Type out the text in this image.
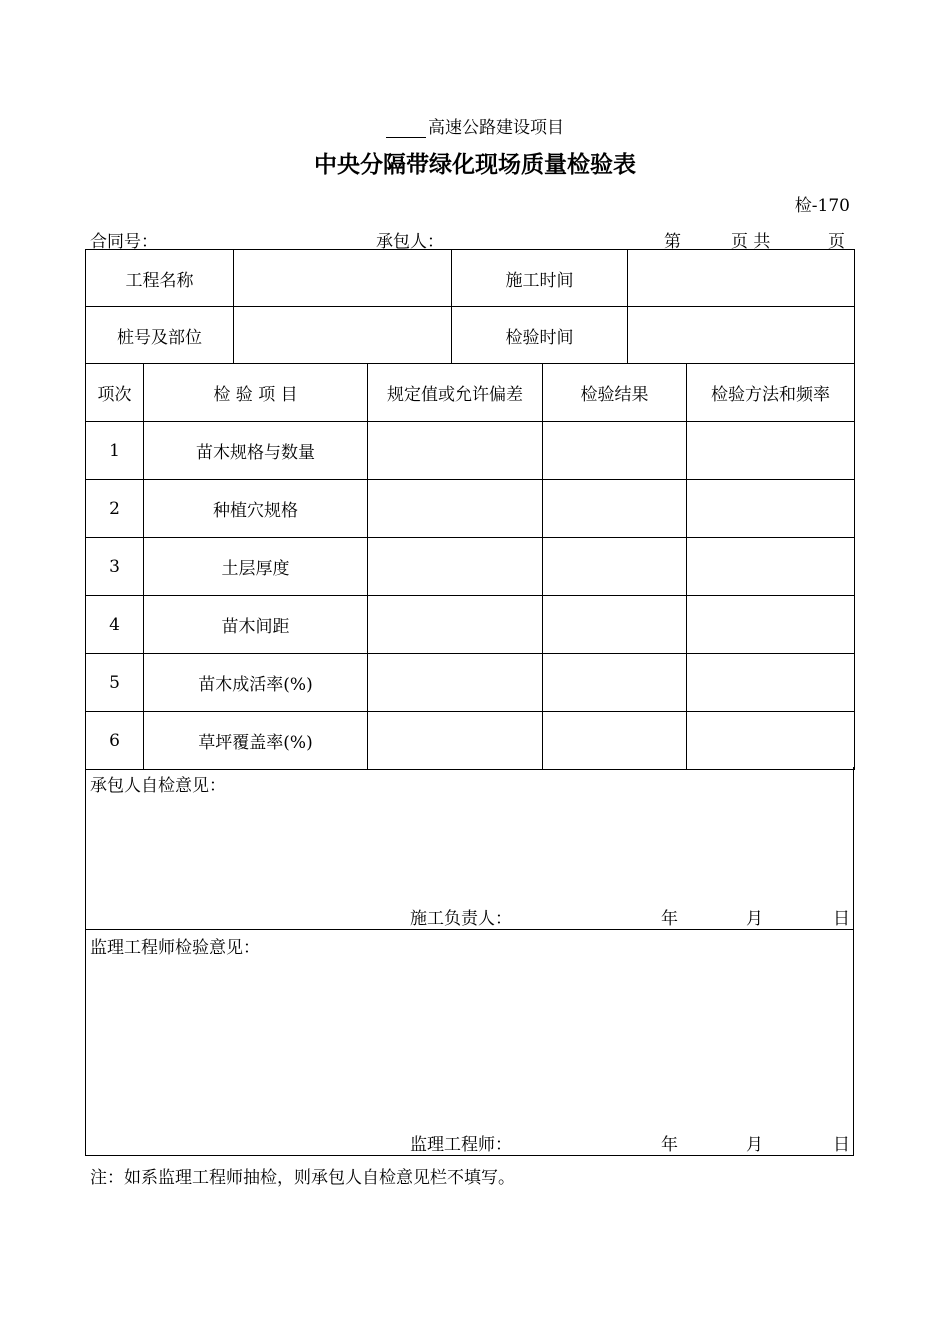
高速公路建设项目
中央分隔带绿化现场质量检验表
检-170
合同号：	承包人：	第	页 共	页
工程名称				施工时间			
桩号及部位				检验时间			
项次	检 验 项 目		规定值或允许偏差		检验结果		检验方法和频率
1	苗木规格与数量						
2	种植穴规格						
3	土层厚度						
4	苗木间距						
5	苗木成活率(%)						
6	草坪覆盖率(%)						
承包人自检意见：
施工负责人：	年	月	日
监理工程师检验意见：
监理工程师：	年	月	日
注：如系监理工程师抽检，则承包人自检意见栏不填写。
